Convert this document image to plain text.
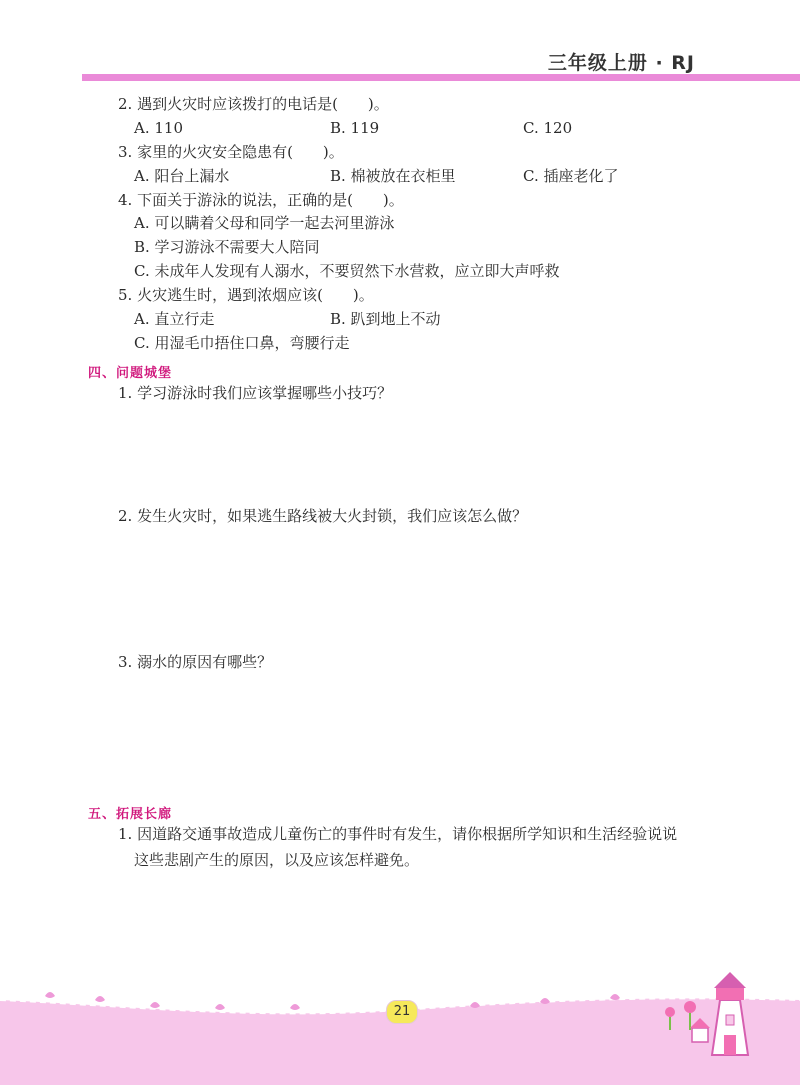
三年级上册 · RJ
2. 遇到火灾时应该拨打的电话是(　　)。
A. 110	B. 119	C. 120
3. 家里的火灾安全隐患有(　　)。
A. 阳台上漏水	B. 棉被放在衣柜里	C. 插座老化了
4. 下面关于游泳的说法，正确的是(　　)。
A. 可以瞒着父母和同学一起去河里游泳
B. 学习游泳不需要大人陪同
C. 未成年人发现有人溺水，不要贸然下水营救，应立即大声呼救
5. 火灾逃生时，遇到浓烟应该(　　)。
A. 直立行走	B. 趴到地上不动
C. 用湿毛巾捂住口鼻，弯腰行走
四、问题城堡
1. 学习游泳时我们应该掌握哪些小技巧？
2. 发生火灾时，如果逃生路线被大火封锁，我们应该怎么做？
3. 溺水的原因有哪些？
五、拓展长廊
1. 因道路交通事故造成儿童伤亡的事件时有发生，请你根据所学知识和生活经验说说
这些悲剧产生的原因，以及应该怎样避免。
21
